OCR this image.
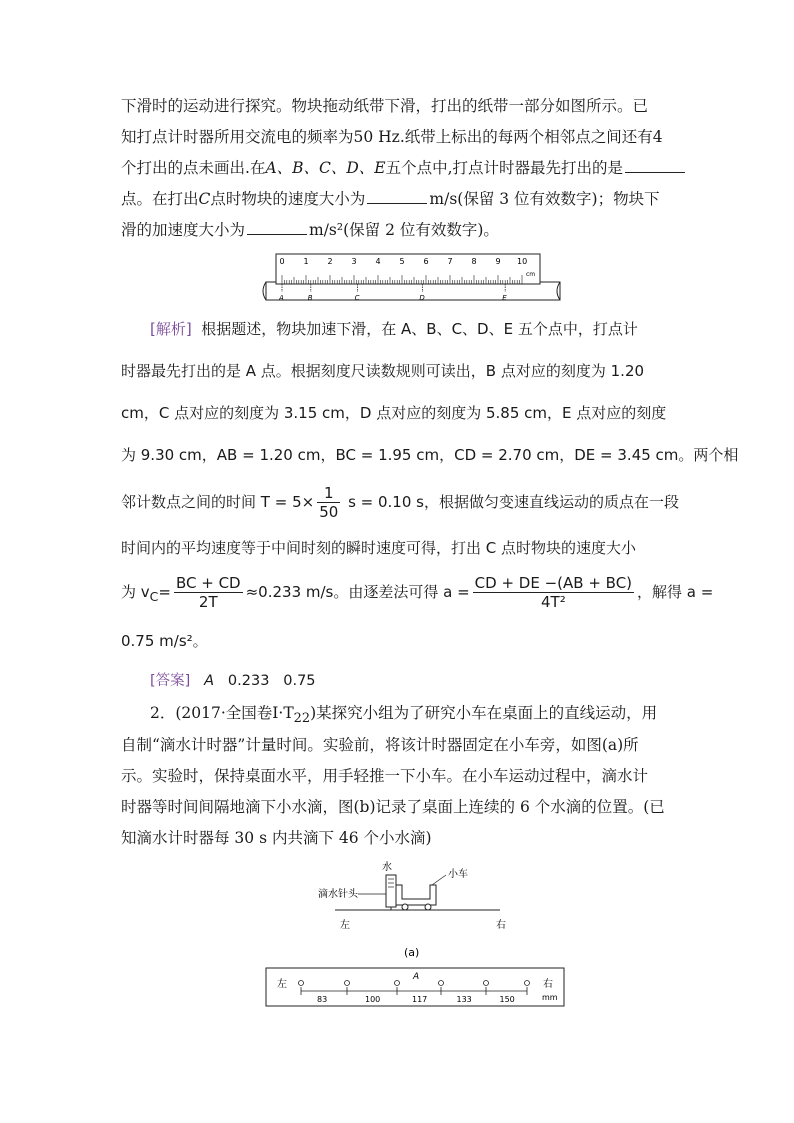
下滑时的运动进行探究。物块拖动纸带下滑，打出的纸带一部分如图所示。已
知打点计时器所用交流电的频率为50 Hz.纸带上标出的每两个相邻点之间还有4
个打出的点未画出.在A、B、C、D、E五个点中,打点计时器最先打出的是
点。在打出C点时物块的速度大小为	m/s(保留 3 位有效数字)；物块下
滑的加速度大小为	m/s²(保留 2 位有效数字)。
0 1 2 3 4 5 6 7 8 9 10
cm
A	B	C	D	E
[解析] 根据题述，物块加速下滑，在 A、B、C、D、E 五个点中，打点计
时器最先打出的是 A 点。根据刻度尺读数规则可读出，B 点对应的刻度为 1.20
cm，C 点对应的刻度为 3.15 cm，D 点对应的刻度为 5.85 cm，E 点对应的刻度
为 9.30 cm，AB = 1.20 cm，BC = 1.95 cm，CD = 2.70 cm，DE = 3.45 cm。两个相
邻计数点之间的时间 $T = 5\times \frac{1}{50}$ s = 0.10 s，根据做匀变速直线运动的质点在一段
时间内的平均速度等于中间时刻的瞬时速度可得，打出 C 点时物块的速度大小
为 $v_C= \frac{BC + CD}{2T} \approx 0.233$ m/s。由逐差法可得 $a = \frac{CD + DE -(AB + BC)}{\text{4T²}}$ ，解得 a =
0.75 m/s²。
[答案] A 0.233 0.75
2．(2017·全国卷$Ⅰ\cdot T_{22}$)某探究小组为了研究小车在桌面上的直线运动，用
自制“滴水计时器”计量时间。实验前，将该计时器固定在小车旁，如图(a)所
示。实验时，保持桌面水平，用手轻推一下小车。在小车运动过程中，滴水计
时器等时间间隔地滴下小水滴，图(b)记录了桌面上连续的 6 个水滴的位置。(已
知滴水计时器每 30 s 内共滴下 46 个小水滴)
水
小车
滴水针头
左	右
(a)
左	右
mm
A
83	100	117	133	150
